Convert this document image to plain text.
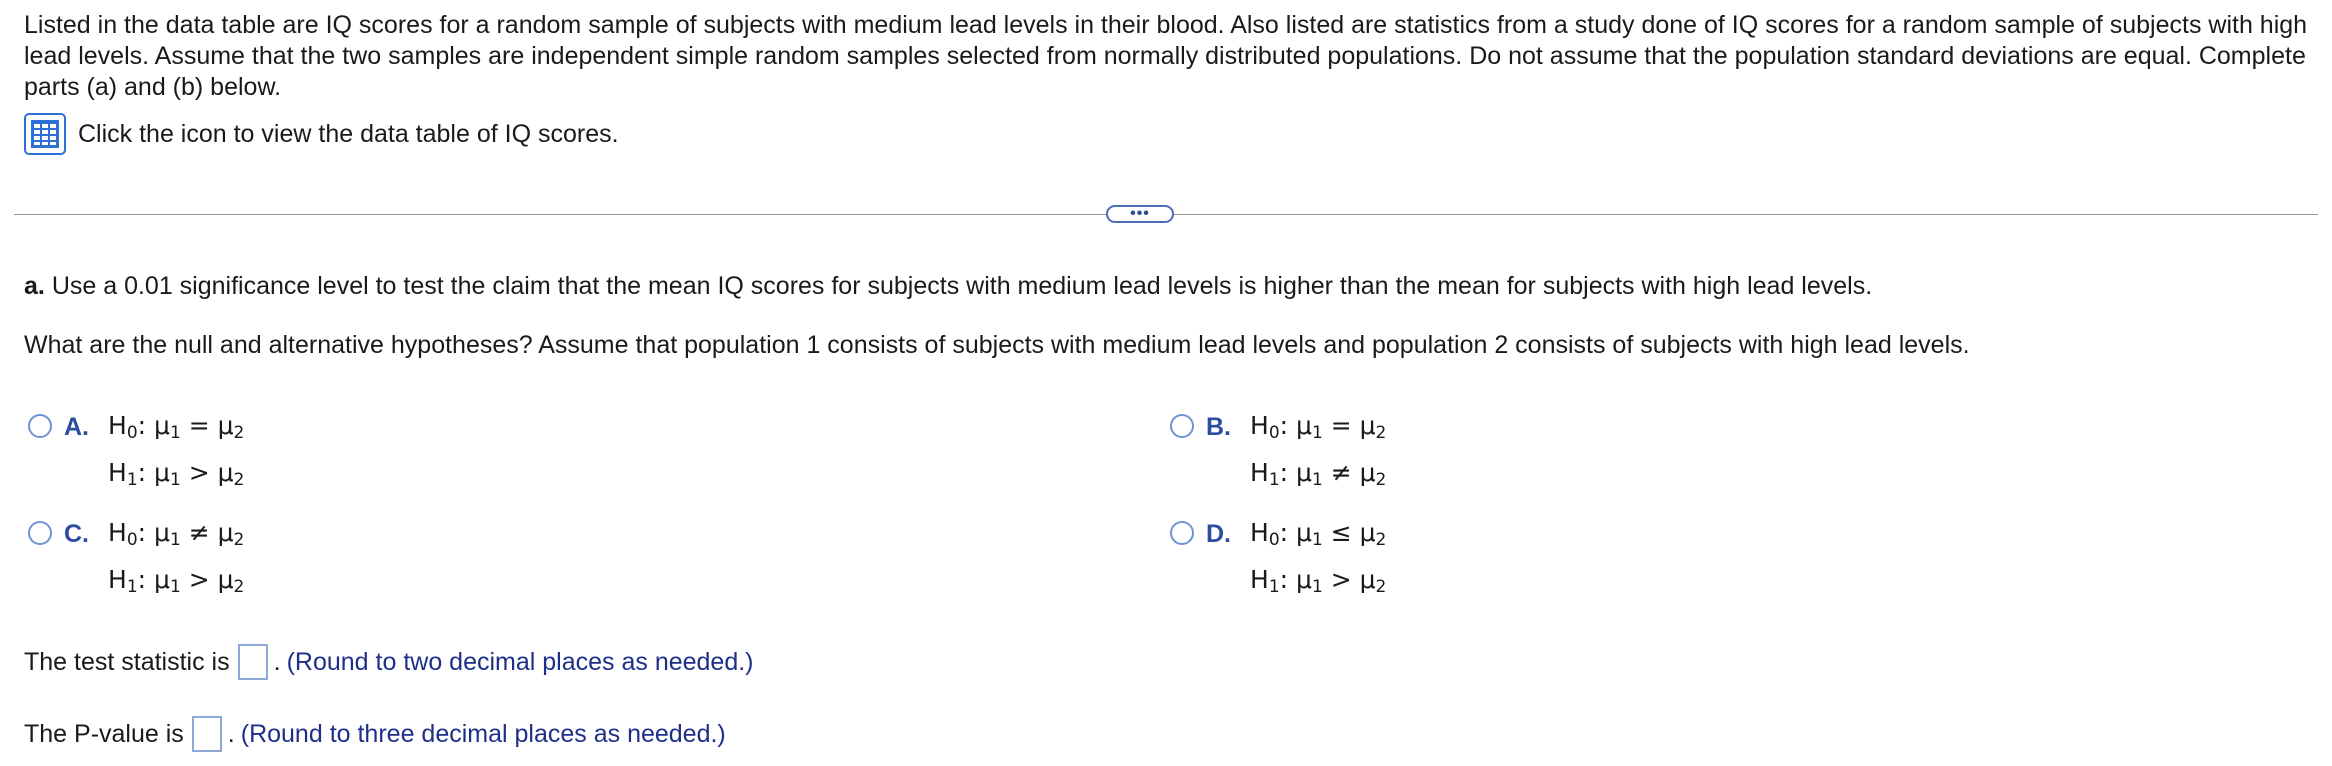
Listed in the data table are IQ scores for a random sample of subjects with medium lead levels in their blood. Also listed are statistics from a study done of IQ scores for a random sample of subjects with high lead levels. Assume that the two samples are independent simple random samples selected from normally distributed populations. Do not assume that the population standard deviations are equal. Complete parts (a) and (b) below.
Click the icon to view the data table of IQ scores.
•••
a. Use a 0.01 significance level to test the claim that the mean IQ scores for subjects with medium lead levels is higher than the mean for subjects with high lead levels.
What are the null and alternative hypotheses? Assume that population 1 consists of subjects with medium lead levels and population 2 consists of subjects with high lead levels.
A. $H_0$: $\mu_1 = \mu_2$
$H_1$: $\mu_1 > \mu_2$
B. $H_0$: $\mu_1 = \mu_2$
$H_1$: $\mu_1 \ne \mu_2$
C. $H_0$: $\mu_1 \ne \mu_2$
$H_1$: $\mu_1 > \mu_2$
D. $H_0$: $\mu_1 \le \mu_2$
$H_1$: $\mu_1 > \mu_2$
The test statistic is . (Round to two decimal places as needed.)
The P-value is . (Round to three decimal places as needed.)
